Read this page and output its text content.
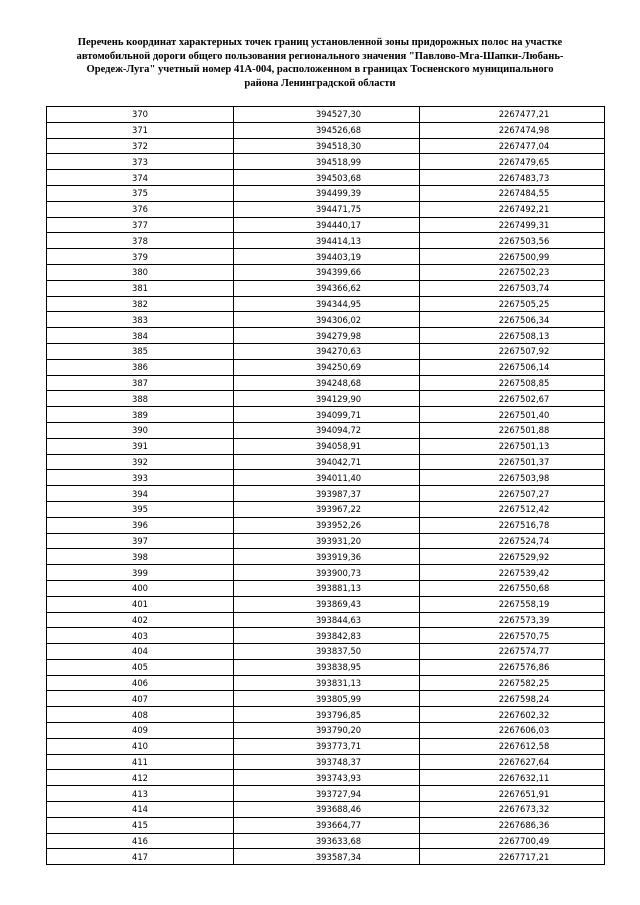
Перечень координат характерных точек границ установленной зоны придорожных полос на участке
автомобильной дороги общего пользования регионального значения "Павлово-Мга-Шапки-Любань-
Оредеж-Луга" учетный номер 41А-004, расположенном в границах Тосненского муниципального
района Ленинградской области
370	394527,30	2267477,21
371	394526,68	2267474,98
372	394518,30	2267477,04
373	394518,99	2267479,65
374	394503,68	2267483,73
375	394499,39	2267484,55
376	394471,75	2267492,21
377	394440,17	2267499,31
378	394414,13	2267503,56
379	394403,19	2267500,99
380	394399,66	2267502,23
381	394366,62	2267503,74
382	394344,95	2267505,25
383	394306,02	2267506,34
384	394279,98	2267508,13
385	394270,63	2267507,92
386	394250,69	2267506,14
387	394248,68	2267508,85
388	394129,90	2267502,67
389	394099,71	2267501,40
390	394094,72	2267501,88
391	394058,91	2267501,13
392	394042,71	2267501,37
393	394011,40	2267503,98
394	393987,37	2267507,27
395	393967,22	2267512,42
396	393952,26	2267516,78
397	393931,20	2267524,74
398	393919,36	2267529,92
399	393900,73	2267539,42
400	393881,13	2267550,68
401	393869,43	2267558,19
402	393844,63	2267573,39
403	393842,83	2267570,75
404	393837,50	2267574,77
405	393838,95	2267576,86
406	393831,13	2267582,25
407	393805,99	2267598,24
408	393796,85	2267602,32
409	393790,20	2267606,03
410	393773,71	2267612,58
411	393748,37	2267627,64
412	393743,93	2267632,11
413	393727,94	2267651,91
414	393688,46	2267673,32
415	393664,77	2267686,36
416	393633,68	2267700,49
417	393587,34	2267717,21
